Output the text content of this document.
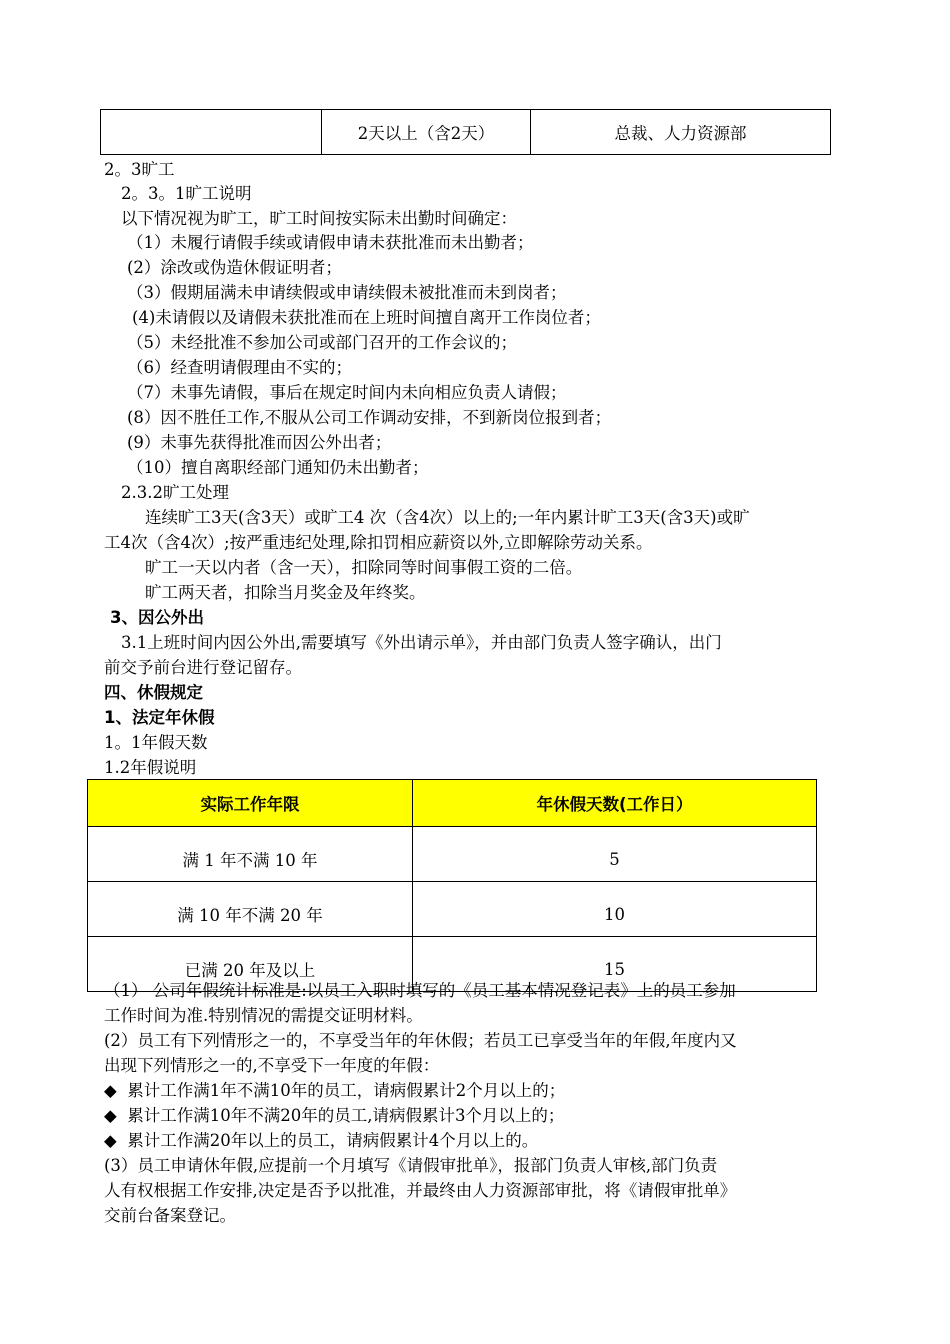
	2天以上（含2天）	总裁、人力资源部
2。3旷工
2。3。1旷工说明
以下情况视为旷工，旷工时间按实际未出勤时间确定：
（1）未履行请假手续或请假申请未获批准而未出勤者；
(2）涂改或伪造休假证明者；
（3）假期届满未申请续假或申请续假未被批准而未到岗者；
(4)未请假以及请假未获批准而在上班时间擅自离开工作岗位者；
（5）未经批准不参加公司或部门召开的工作会议的；
（6）经查明请假理由不实的；
（7）未事先请假，事后在规定时间内未向相应负责人请假；
(8）因不胜任工作,不服从公司工作调动安排，不到新岗位报到者；
(9）未事先获得批准而因公外出者；
（10）擅自离职经部门通知仍未出勤者；
2.3.2旷工处理
连续旷工3天(含3天）或旷工4 次（含4次）以上的;一年内累计旷工3天(含3天)或旷
工4次（含4次）;按严重违纪处理,除扣罚相应薪资以外,立即解除劳动关系。
旷工一天以内者（含一天），扣除同等时间事假工资的二倍。
旷工两天者，扣除当月奖金及年终奖。
3、因公外出
3.1上班时间内因公外出,需要填写《外出请示单》，并由部门负责人签字确认，出门
前交予前台进行登记留存。
四、休假规定
1、法定年休假
1。1年假天数
1.2年假说明
实际工作年限	年休假天数(工作日）
满 1 年不满 10 年	5
满 10 年不满 20 年	10
已满 20 年及以上	15
（1） 公司年假统计标准是:以员工入职时填写的《员工基本情况登记表》上的员工参加
工作时间为准.特别情况的需提交证明材料。
(2）员工有下列情形之一的，不享受当年的年休假；若员工已享受当年的年假,年度内又
出现下列情形之一的,不享受下一年度的年假：
◆ 累计工作满1年不满10年的员工，请病假累计2个月以上的；
◆ 累计工作满10年不满20年的员工,请病假累计3个月以上的；
◆ 累计工作满20年以上的员工，请病假累计4个月以上的。
(3）员工申请休年假,应提前一个月填写《请假审批单》，报部门负责人审核,部门负责
人有权根据工作安排,决定是否予以批准，并最终由人力资源部审批，将《请假审批单》
交前台备案登记。
